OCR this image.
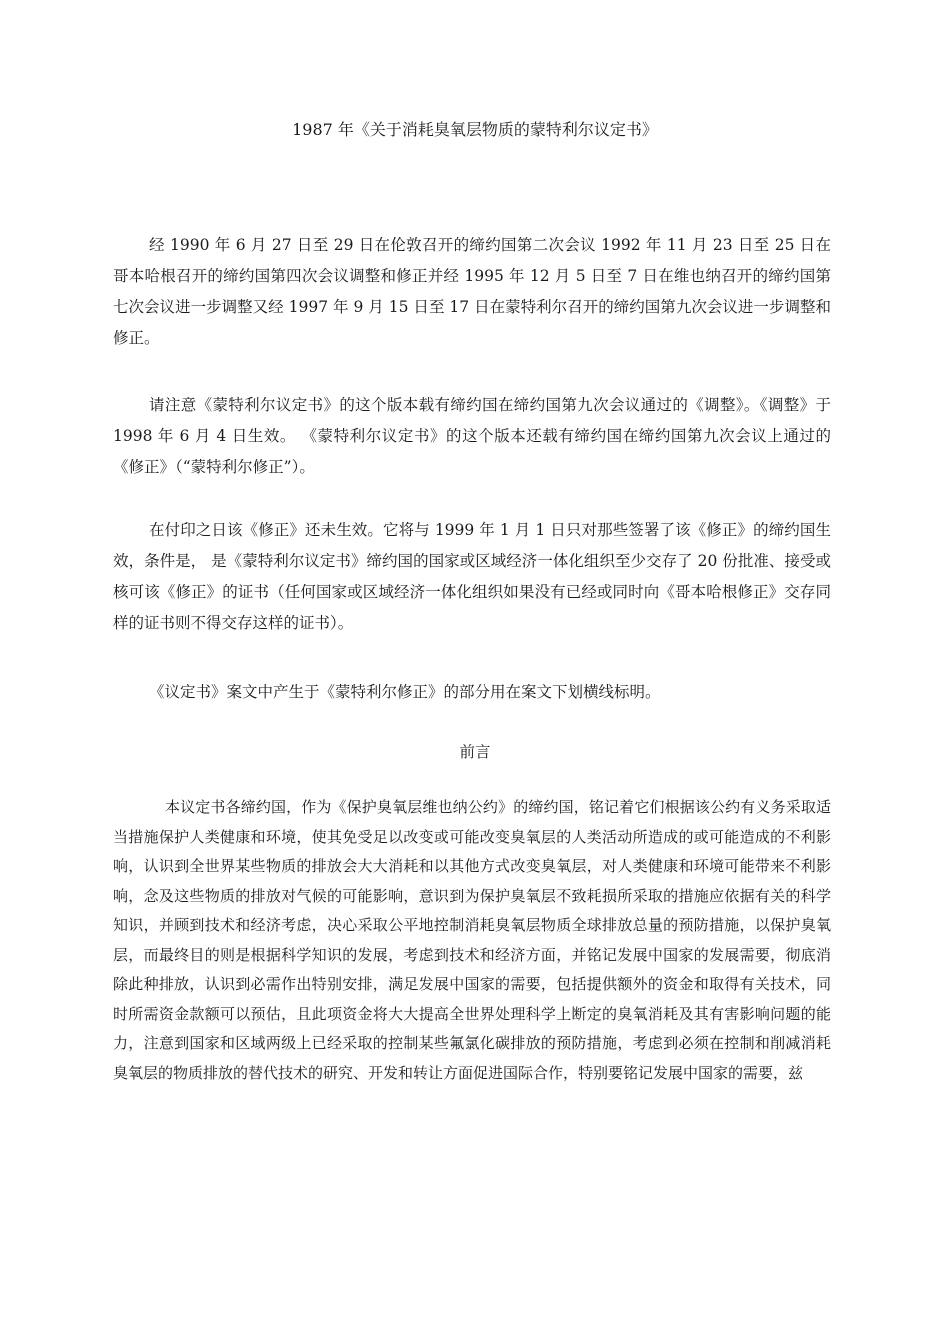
1987 年《关于消耗臭氧层物质的蒙特利尔议定书》

经 1990 年 6 月 27 日至 29 日在伦敦召开的缔约国第二次会议 1992 年 11 月 23 日至 25 日在哥本哈根召开的缔约国第四次会议调整和修正并经 1995 年 12 月 5 日至 7 日在维也纳召开的缔约国第七次会议进一步调整又经 1997 年 9 月 15 日至 17 日在蒙特利尔召开的缔约国第九次会议进一步调整和修正。

请注意《蒙特利尔议定书》的这个版本载有缔约国在缔约国第九次会议通过的《调整》。《调整》于 1998 年 6 月 4 日生效。 《蒙特利尔议定书》的这个版本还载有缔约国在缔约国第九次会议上通过的《修正》（“蒙特利尔修正”）。

在付印之日该《修正》还未生效。它将与 1999 年 1 月 1 日只对那些签署了该《修正》的缔约国生效，条件是， 是《蒙特利尔议定书》缔约国的国家或区域经济一体化组织至少交存了 20 份批准、接受或核可该《修正》的证书（任何国家或区域经济一体化组织如果没有已经或同时向《哥本哈根修正》交存同样的证书则不得交存这样的证书）。

《议定书》案文中产生于《蒙特利尔修正》的部分用在案文下划横线标明。

前言

本议定书各缔约国，作为《保护臭氧层维也纳公约》的缔约国，铭记着它们根据该公约有义务采取适当措施保护人类健康和环境，使其免受足以改变或可能改变臭氧层的人类活动所造成的或可能造成的不利影响，认识到全世界某些物质的排放会大大消耗和以其他方式改变臭氧层，对人类健康和环境可能带来不利影响，念及这些物质的排放对气候的可能影响，意识到为保护臭氧层不致耗损所采取的措施应依据有关的科学知识，并顾到技术和经济考虑，决心采取公平地控制消耗臭氧层物质全球排放总量的预防措施，以保护臭氧层，而最终目的则是根据科学知识的发展，考虑到技术和经济方面，并铭记发展中国家的发展需要，彻底消除此种排放，认识到必需作出特别安排，满足发展中国家的需要，包括提供额外的资金和取得有关技术，同时所需资金款额可以预估，且此项资金将大大提高全世界处理科学上断定的臭氧消耗及其有害影响问题的能力，注意到国家和区域两级上已经采取的控制某些氟氯化碳排放的预防措施，考虑到必须在控制和削减消耗臭氧层的物质排放的替代技术的研究、开发和转让方面促进国际合作，特别要铭记发展中国家的需要，兹
